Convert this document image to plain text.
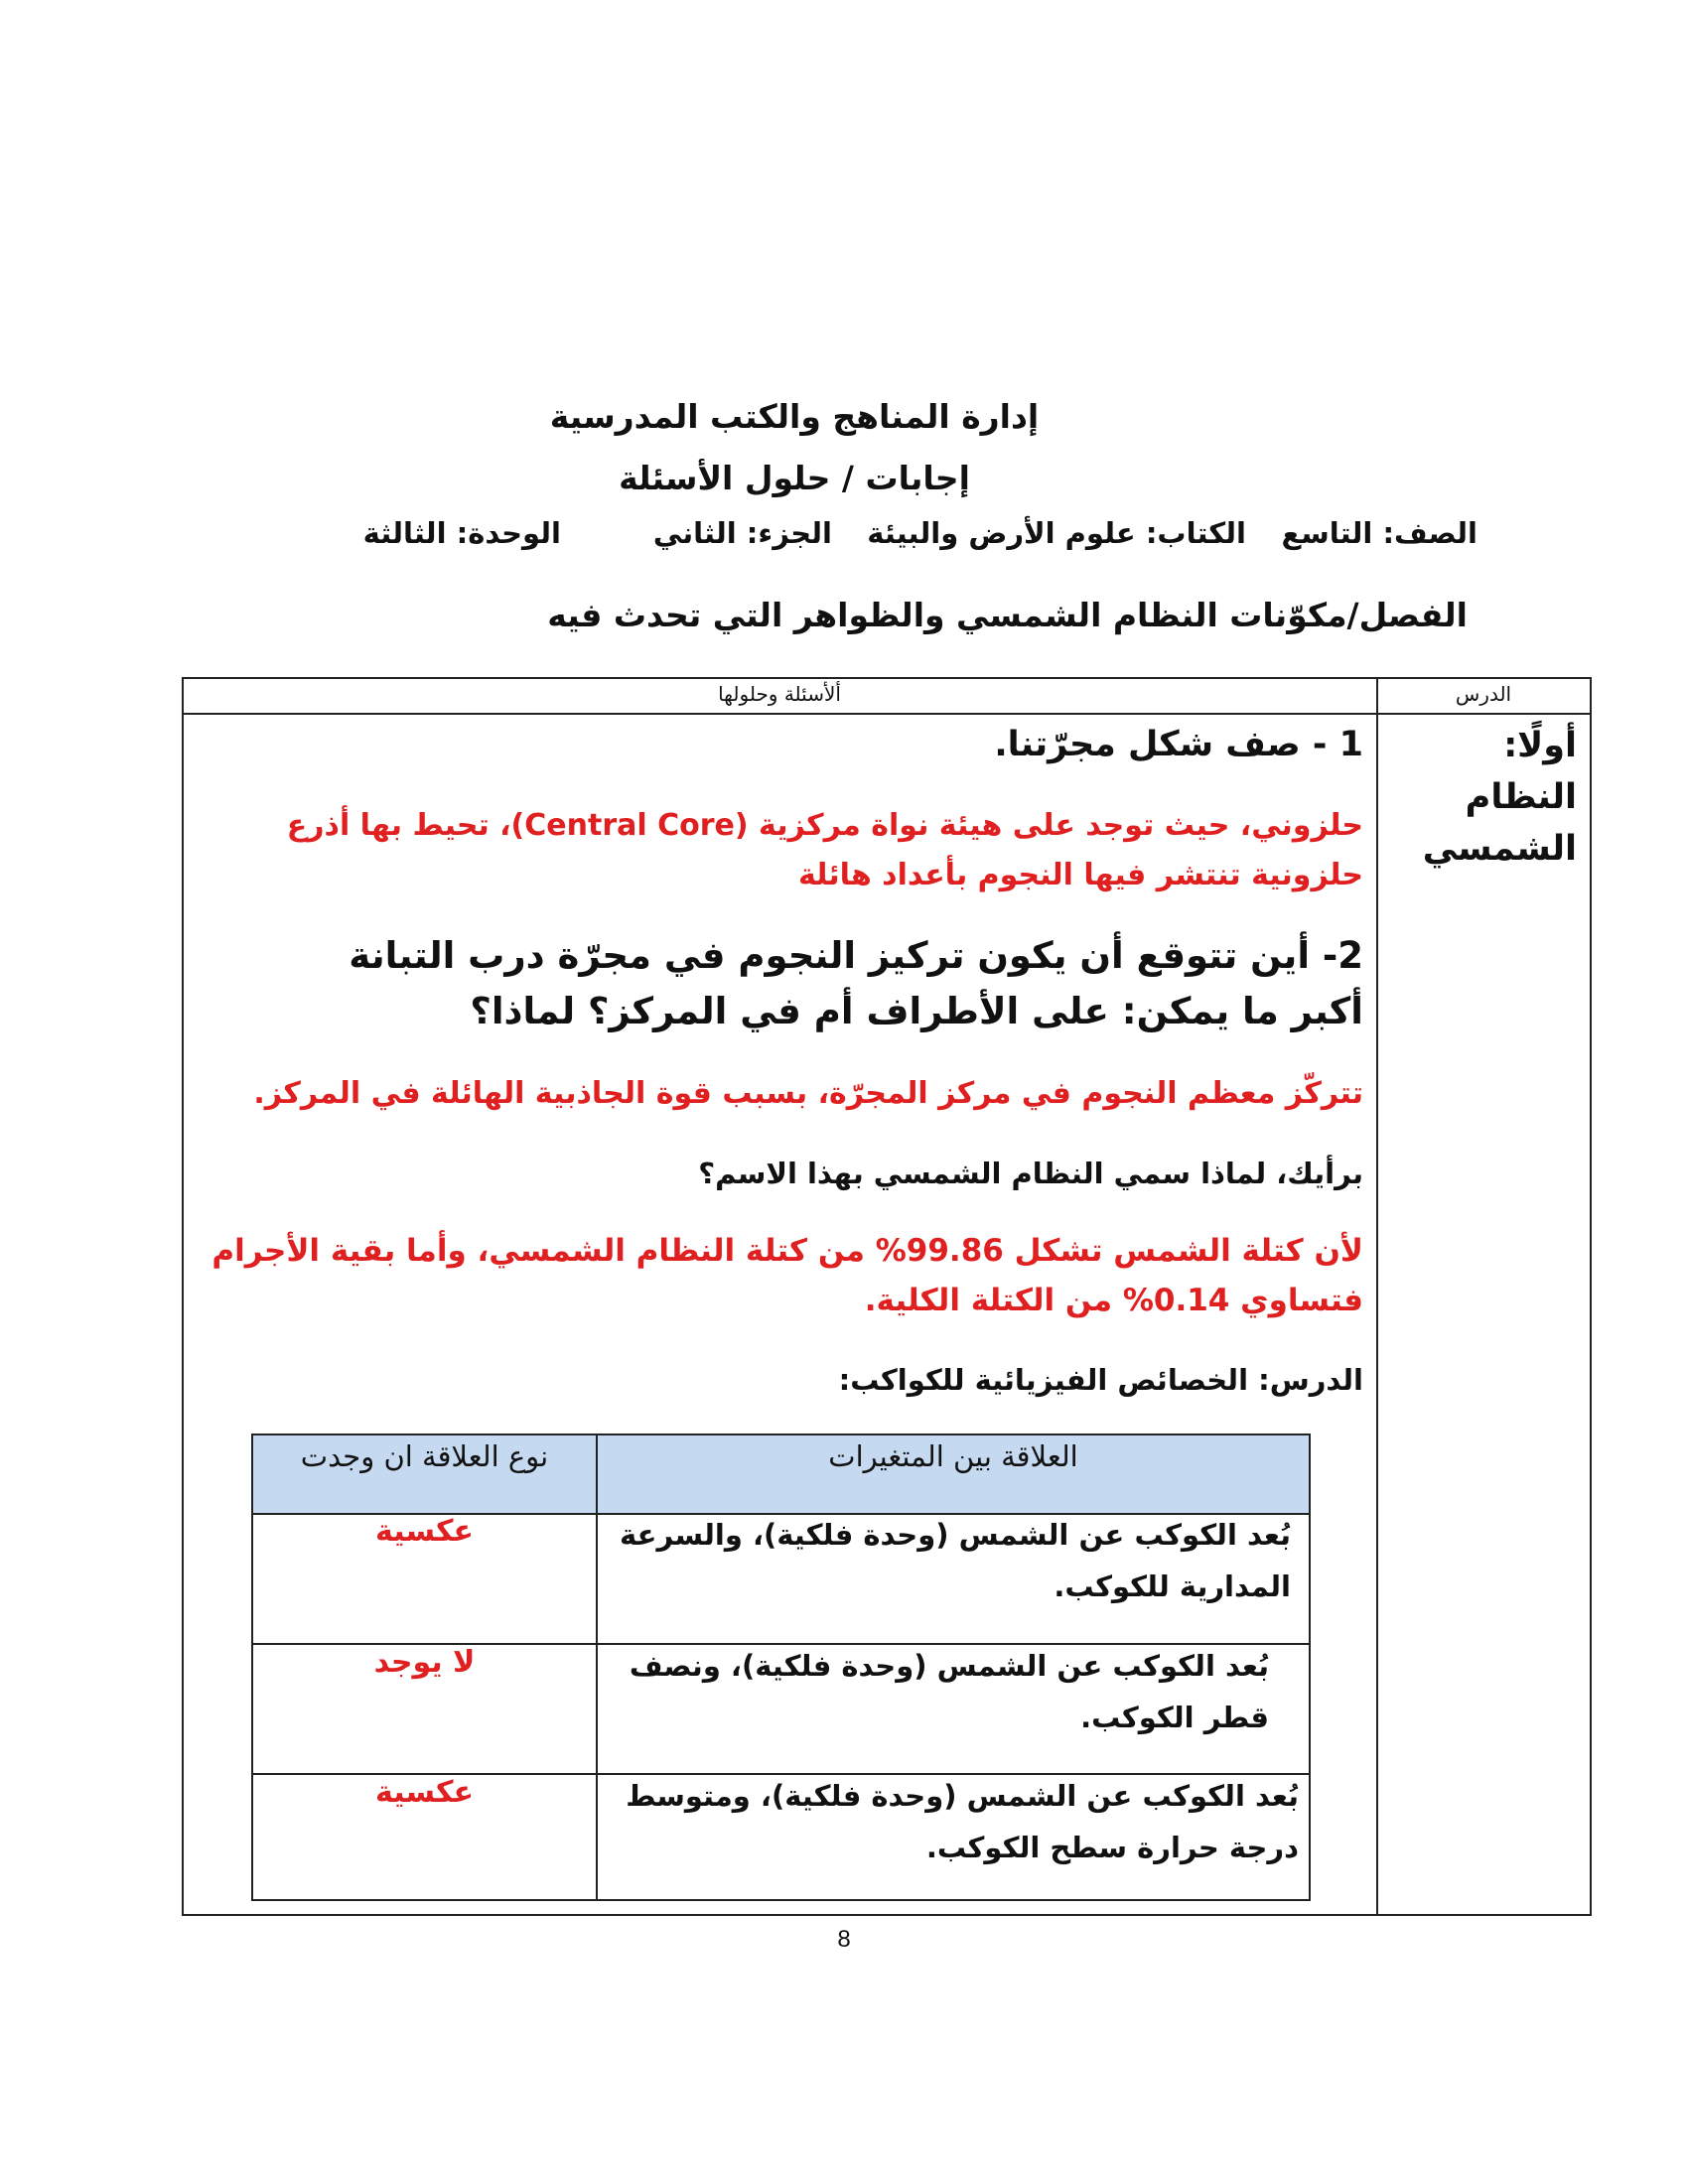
إدارة المناهج والكتب المدرسية
إجابات / حلول الأسئلة
الصف: التاسع
الكتاب: علوم الأرض والبيئة
الجزء: الثاني
الوحدة: الثالثة
الفصل/مكوّنات النظام الشمسي والظواهر التي تحدث فيه
الدرس
ألأسئلة وحلولها
أولًا: النظام الشمسي
1 - صف شكل مجرّتنا.
حلزوني، حيث توجد على هيئة نواة مركزية (Central Core)، تحيط بها أذرع حلزونية تنتشر فيها النجوم بأعداد هائلة
2- أين تتوقع أن يكون تركيز النجوم في مجرّة درب التبانة أكبر ما يمكن: على الأطراف أم في المركز؟ لماذا؟
تتركّز معظم النجوم في مركز المجرّة، بسبب قوة الجاذبية الهائلة في المركز.
برأيك، لماذا سمي النظام الشمسي بهذا الاسم؟
لأن كتلة الشمس تشكل 99.86% من كتلة النظام الشمسي، وأما بقية الأجرام فتساوي 0.14% من الكتلة الكلية.
الدرس: الخصائص الفيزيائية للكواكب:
العلاقة بين المتغيرات
نوع العلاقة ان وجدت
بُعد الكوكب عن الشمس (وحدة فلكية)، والسرعة المدارية للكوكب.
عكسية
بُعد الكوكب عن الشمس (وحدة فلكية)، ونصف قطر الكوكب.
لا يوجد
بُعد الكوكب عن الشمس (وحدة فلكية)، ومتوسط درجة حرارة سطح الكوكب.
عكسية
8
